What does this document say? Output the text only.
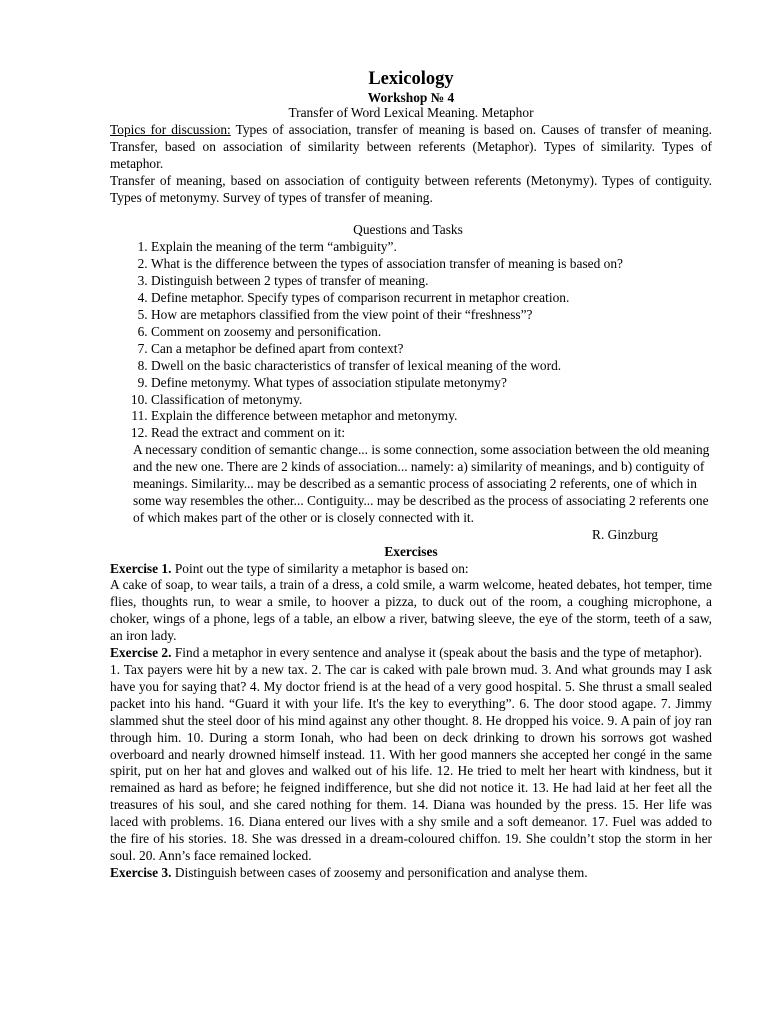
Lexicology
Workshop № 4
Transfer of Word Lexical Meaning. Metaphor
Topics for discussion: Types of association, transfer of meaning is based on. Causes of transfer of meaning. Transfer, based on association of similarity between referents (Metaphor). Types of similarity. Types of metaphor.
Transfer of meaning, based on association of contiguity between referents (Metonymy). Types of contiguity. Types of metonymy. Survey of types of transfer of meaning.
Questions and Tasks
1. Explain the meaning of the term “ambiguity”.
2. What is the difference between the types of association transfer of meaning is based on?
3. Distinguish between 2 types of transfer of meaning.
4. Define metaphor. Specify types of comparison recurrent in metaphor creation.
5. How are metaphors classified from the view point of their “freshness”?
6. Comment on zoosemy and personification.
7. Can a metaphor be defined apart from context?
8. Dwell on the basic characteristics of transfer of lexical meaning of the word.
9. Define metonymy. What types of association stipulate metonymy?
10. Classification of metonymy.
11. Explain the difference between metaphor and metonymy.
12. Read the extract and comment on it:
A necessary condition of semantic change... is some connection, some association between the old meaning and the new one. There are 2 kinds of association... namely: a) similarity of meanings, and b) contiguity of meanings. Similarity... may be described as a semantic process of associating 2 referents, one of which in some way resembles the other... Contiguity... may be described as the process of associating 2 referents one of which makes part of the other or is closely connected with it.
R. Ginzburg
Exercises
Exercise 1. Point out the type of similarity a metaphor is based on:
A cake of soap, to wear tails, a train of a dress, a cold smile, a warm welcome, heated debates, hot temper, time flies, thoughts run, to wear a smile, to hoover a pizza, to duck out of the room, a coughing microphone, a choker, wings of a phone, legs of a table, an elbow a river, batwing sleeve, the eye of the storm, teeth of a saw, an iron lady.
Exercise 2. Find a metaphor in every sentence and analyse it (speak about the basis and the type of metaphor).
1. Tax payers were hit by a new tax. 2. The car is caked with pale brown mud. 3. And what grounds may I ask have you for saying that? 4. My doctor friend is at the head of a very good hospital. 5. She thrust a small sealed packet into his hand. “Guard it with your life. It's the key to everything”. 6. The door stood agape. 7. Jimmy slammed shut the steel door of his mind against any other thought. 8. He dropped his voice. 9. A pain of joy ran through him. 10. During a storm Ionah, who had been on deck drinking to drown his sorrows got washed overboard and nearly drowned himself instead. 11. With her good manners she accepted her congé in the same spirit, put on her hat and gloves and walked out of his life. 12. He tried to melt her heart with kindness, but it remained as hard as before; he feigned indifference, but she did not notice it. 13. He had laid at her feet all the treasures of his soul, and she cared nothing for them. 14. Diana was hounded by the press. 15. Her life was laced with problems. 16. Diana entered our lives with a shy smile and a soft demeanor. 17. Fuel was added to the fire of his stories. 18. She was dressed in a dream-coloured chiffon. 19. She couldn’t stop the storm in her soul. 20. Ann’s face remained locked.
Exercise 3. Distinguish between cases of zoosemy and personification and analyse them.
